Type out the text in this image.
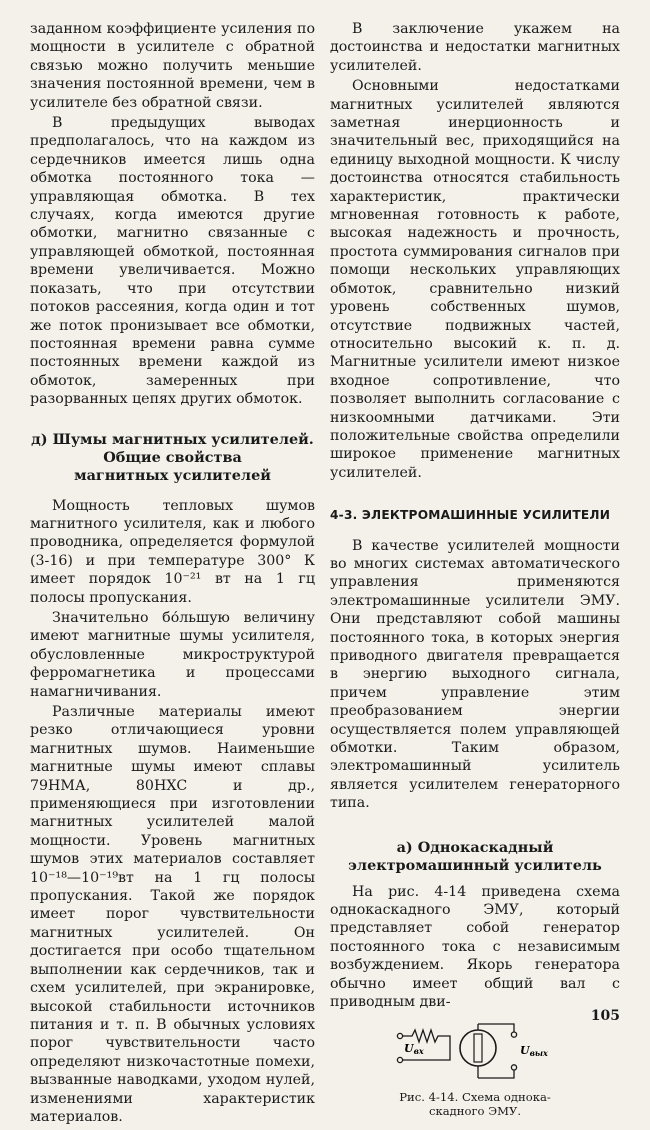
заданном коэффициенте усиления по мощности в усилителе с обратной связью можно получить меньшие значения постоянной времени, чем в усилителе без обратной связи.

В предыдущих выводах предполагалось, что на каждом из сердечников имеется лишь одна обмотка постоянного тока — управляющая обмотка. В тех случаях, когда имеются другие обмотки, магнитно связанные с управляющей обмоткой, постоянная времени увеличивается. Можно показать, что при отсутствии потоков рассеяния, когда один и тот же поток пронизывает все обмотки, постоянная времени равна сумме постоянных времени каждой из обмоток, замеренных при разорванных цепях других обмоток.

д) Шумы магнитных усилителей.

Общие свойства

магнитных усилителей

Мощность тепловых шумов магнитного усилителя, как и любого проводника, определяется формулой (3-16) и при температуре 300° К имеет порядок 10⁻²¹ вт на 1 гц полосы пропускания.

Значительно бо́льшую величину имеют магнитные шумы усилителя, обусловленные микроструктурой ферромагнетика и процессами намагничивания.

Различные материалы имеют резко отличающиеся уровни магнитных шумов. Наименьшие магнитные шумы имеют сплавы 79НМА, 80НХС и др., применяющиеся при изготовлении магнитных усилителей малой мощности. Уровень магнитных шумов этих материалов составляет 10⁻¹⁸—10⁻¹⁹вт на 1 гц полосы пропускания. Такой же порядок имеет порог чувствительности магнитных усилителей. Он достигается при особо тщательном выполнении как сердечников, так и схем усилителей, при экранировке, высокой стабильности источников питания и т. п. В обычных условиях порог чувствительности часто определяют низкочастотные помехи, вызванные наводками, уходом нулей, изменениями характеристик материалов.

В заключение укажем на достоинства и недостатки магнитных усилителей.

Основными недостатками магнитных усилителей являются заметная инерционность и значительный вес, приходящийся на единицу выходной мощности. К числу достоинства относятся стабильность характеристик, практически мгновенная готовность к работе, высокая надежность и прочность, простота суммирования сигналов при помощи нескольких управляющих обмоток, сравнительно низкий уровень собственных шумов, отсутствие подвижных частей, относительно высокий к. п. д. Магнитные усилители имеют низкое входное сопротивление, что позволяет выполнить согласование с низкоомными датчиками. Эти положительные свойства определили широкое применение магнитных усилителей.

4-3. ЭЛЕКТРОМАШИННЫЕ УСИЛИТЕЛИ

В качестве усилителей мощности во многих системах автоматического управления применяются электромашинные усилители ЭМУ. Они представляют собой машины постоянного тока, в которых энергия приводного двигателя превращается в энергию выходного сигнала, причем управление этим преобразованием энергии осуществляется полем управляющей обмотки. Таким образом, электромашинный усилитель является усилителем генераторного типа.

а) Однокаскадный

электромашинный усилитель

На рис. 4-14 приведена схема однокаскадного ЭМУ, который представляет собой генератор постоянного тока с независимым возбуждением. Якорь генератора обычно имеет общий вал с приводным дви-

Uвх	Uвых
Рис. 4-14. Схема однока-
скадного ЭМУ.
105
